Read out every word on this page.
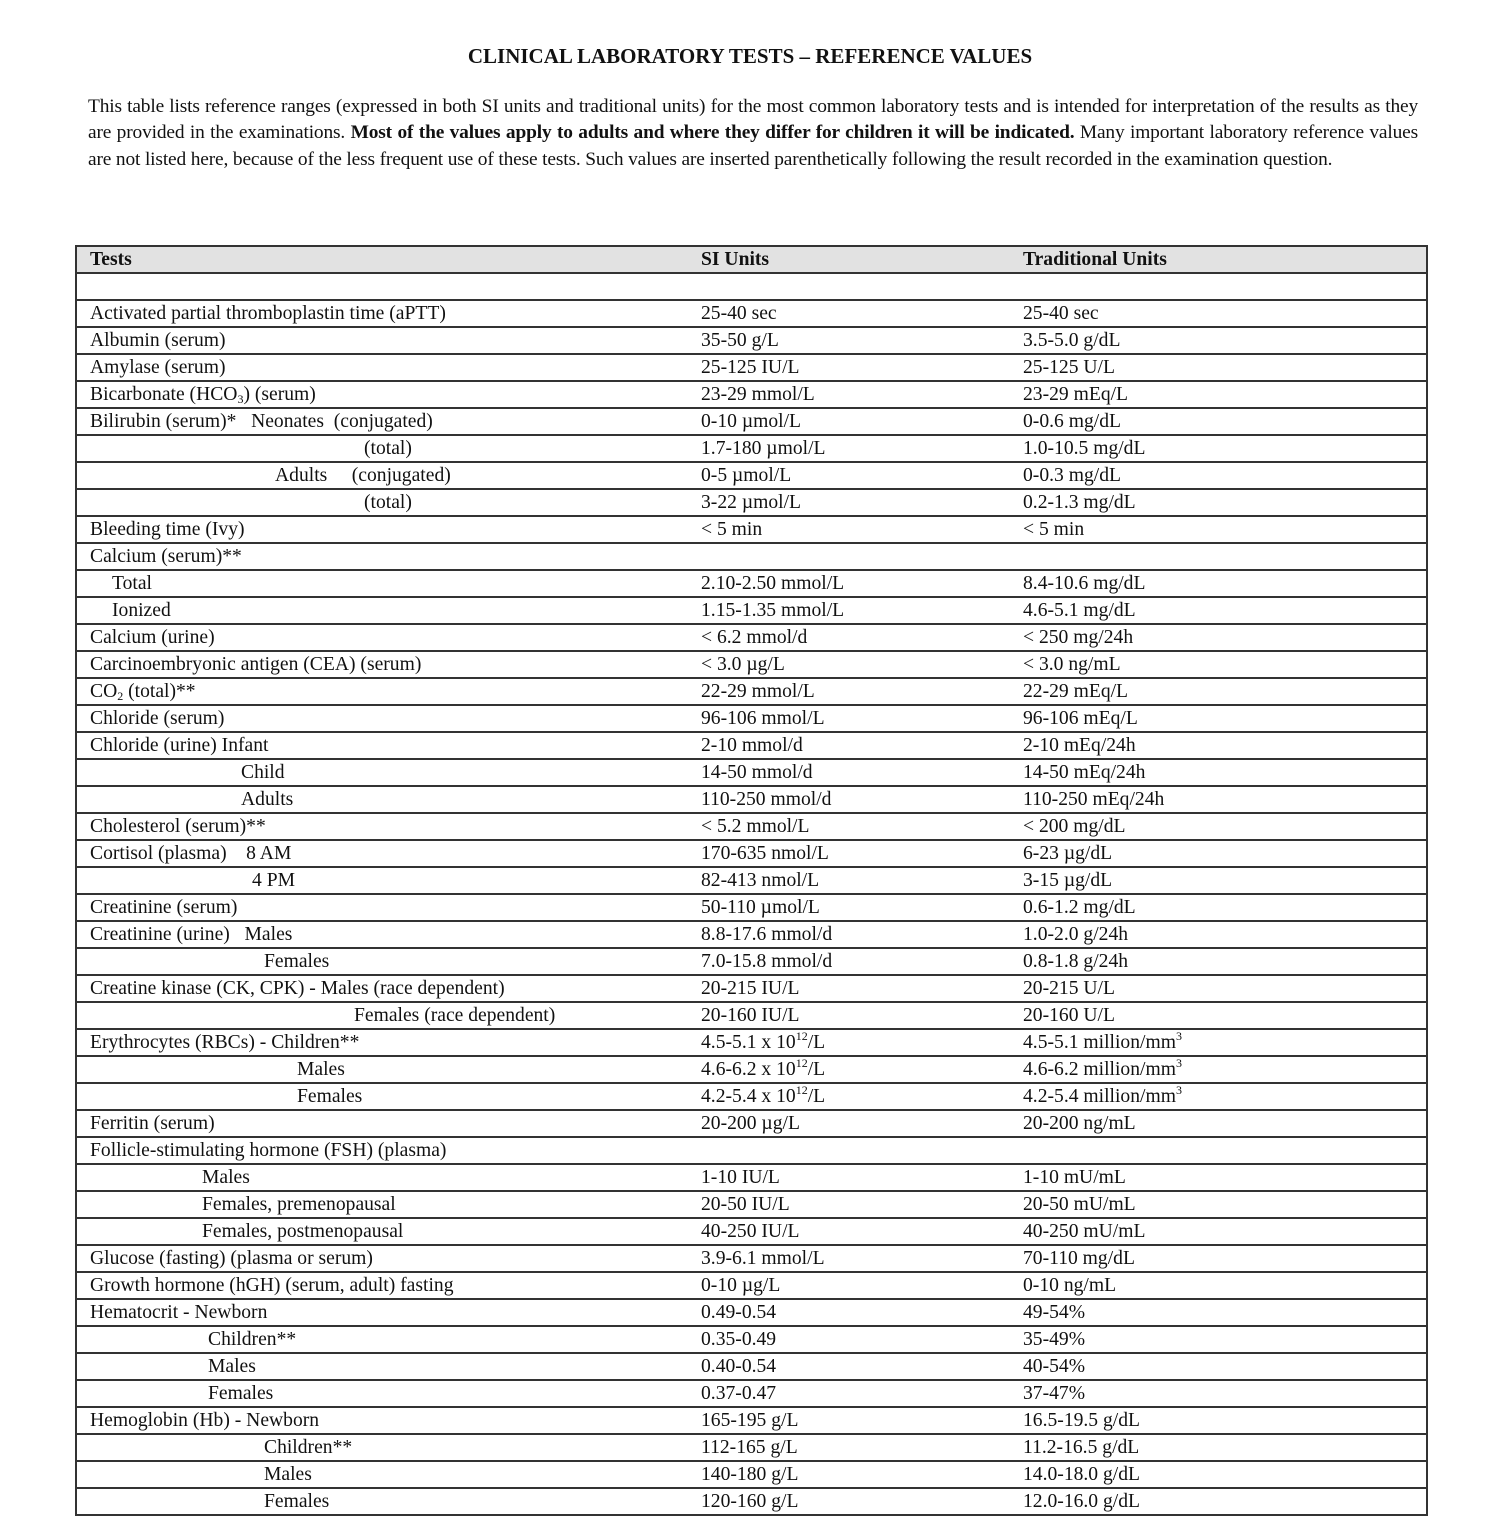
CLINICAL LABORATORY TESTS – REFERENCE VALUES
This table lists reference ranges (expressed in both SI units and traditional units) for the most common laboratory tests and is intended for interpretation of the results as they are provided in the examinations. Most of the values apply to adults and where they differ for children it will be indicated. Many important laboratory reference values are not listed here, because of the less frequent use of these tests. Such values are inserted parenthetically following the result recorded in the examination question.
Tests	SI Units	Traditional Units

Activated partial thromboplastin time (aPTT)	25-40 sec	25-40 sec
Albumin (serum)	35-50 g/L	3.5-5.0 g/dL
Amylase (serum)	25-125 IU/L	25-125 U/L
Bicarbonate $(HCO_3)$ (serum)	23-29 mmol/L	23-29 mEq/L
Bilirubin (serum)*   Neonates  (conjugated)	0-10 µmol/L	0-0.6 mg/dL
(total)	1.7-180 µmol/L	1.0-10.5 mg/dL
Adults     (conjugated)	0-5 µmol/L	0-0.3 mg/dL
(total)	3-22 µmol/L	0.2-1.3 mg/dL
Bleeding time (Ivy)	< 5 min	< 5 min
Calcium (serum)**		
Total	2.10-2.50 mmol/L	8.4-10.6 mg/dL
Ionized	1.15-1.35 mmol/L	4.6-5.1 mg/dL
Calcium (urine)	< 6.2 mmol/d	< 250 mg/24h
Carcinoembryonic antigen (CEA) (serum)	< 3.0 µg/L	< 3.0 ng/mL
$CO_2$ (total)**	22-29 mmol/L	22-29 mEq/L
Chloride (serum)	96-106 mmol/L	96-106 mEq/L
Chloride (urine) Infant	2-10 mmol/d	2-10 mEq/24h
Child	14-50 mmol/d	14-50 mEq/24h
Adults	110-250 mmol/d	110-250 mEq/24h
Cholesterol (serum)**	< 5.2 mmol/L	< 200 mg/dL
Cortisol (plasma)    8 AM	170-635 nmol/L	6-23 µg/dL
4 PM	82-413 nmol/L	3-15 µg/dL
Creatinine (serum)	50-110 µmol/L	0.6-1.2 mg/dL
Creatinine (urine)   Males	8.8-17.6 mmol/d	1.0-2.0 g/24h
Females	7.0-15.8 mmol/d	0.8-1.8 g/24h
Creatine kinase (CK, CPK) - Males (race dependent)	20-215 IU/L	20-215 U/L
Females (race dependent)	20-160 IU/L	20-160 U/L
Erythrocytes (RBCs) - Children**	4.5-5.1 x $10^{12}/L$	4.5-5.1 million/$mm^3$
Males	4.6-6.2 x $10^{12}/L$	4.6-6.2 million/$mm^3$
Females	4.2-5.4 x $10^{12}/L$	4.2-5.4 million/$mm^3$
Ferritin (serum)	20-200 µg/L	20-200 ng/mL
Follicle-stimulating hormone (FSH) (plasma)		
Males	1-10 IU/L	1-10 mU/mL
Females, premenopausal	20-50 IU/L	20-50 mU/mL
Females, postmenopausal	40-250 IU/L	40-250 mU/mL
Glucose (fasting) (plasma or serum)	3.9-6.1 mmol/L	70-110 mg/dL
Growth hormone (hGH) (serum, adult) fasting	0-10 µg/L	0-10 ng/mL
Hematocrit - Newborn	0.49-0.54	49-54%
Children**	0.35-0.49	35-49%
Males	0.40-0.54	40-54%
Females	0.37-0.47	37-47%
Hemoglobin (Hb) - Newborn	165-195 g/L	16.5-19.5 g/dL
Children**	112-165 g/L	11.2-16.5 g/dL
Males	140-180 g/L	14.0-18.0 g/dL
Females	120-160 g/L	12.0-16.0 g/dL
